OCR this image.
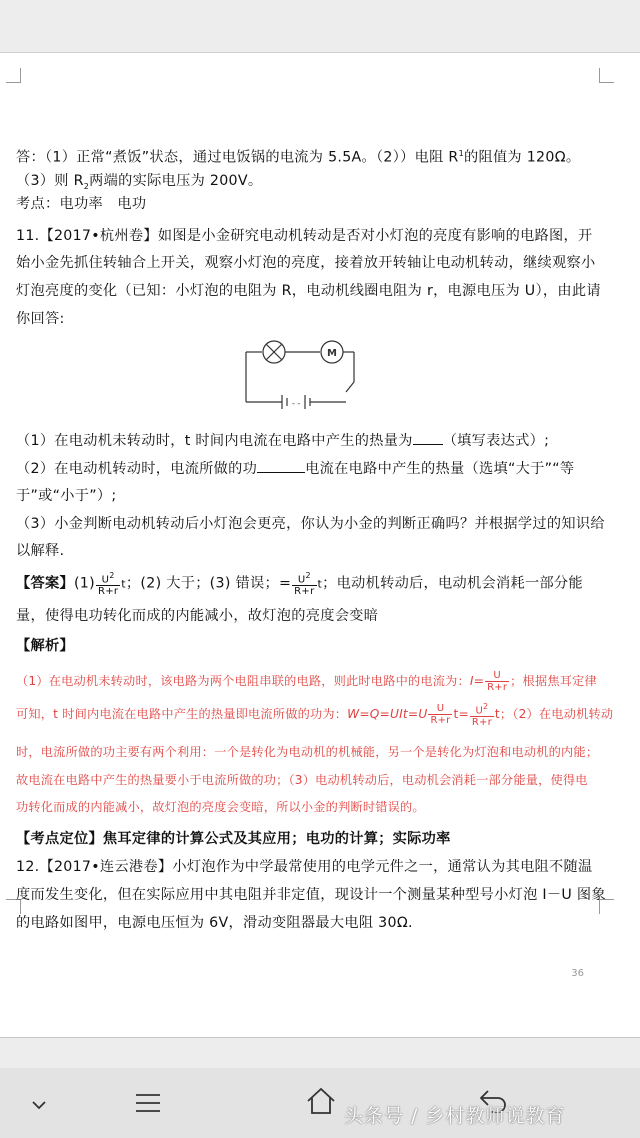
答：（1）正常“煮饭”状态，通过电饭锅的电流为 5.5A。（2））电阻 $R^1$的阻值为 120Ω。
（3）则 $R_2$两端的实际电压为 200V。
考点：电功率　电功
11.【2017•杭州卷】如图是小金研究电动机转动是否对小灯泡的亮度有影响的电路图，开
始小金先抓住转轴合上开关，观察小灯泡的亮度，接着放开转轴让电动机转动，继续观察小
灯泡亮度的变化（已知：小灯泡的电阻为 R，电动机线圈电阻为 r，电源电压为 U），由此请
你回答:
- -
M
（1）在电动机未转动时，t 时间内电流在电路中产生的热量为 （填写表达式）;
（2）在电动机转动时，电流所做的功	电流在电路中产生的热量（选填“大于”“等
于”或“小于”）;
（3）小金判断电动机转动后小灯泡会更亮，你认为小金的判断正确吗？并根据学过的知识给
以解释.
【答案】$(1) \frac{U^2}{R+r}$ t；(2) 大于；(3) 错误；= $\frac{U^2}{R+r}$ t；电动机转动后，电动机会消耗一部分能
量，使得电功转化而成的内能减小，故灯泡的亮度会变暗
【解析】
（1）在电动机未转动时，该电路为两个电阻串联的电路，则此时电路中的电流为：$I= \frac{U}{R+r}$ ；根据焦耳定律
可知，t 时间内电流在电路中产生的热量即电流所做的功为：$W=Q=UIt=U \frac{U}{R+r} t= \frac{U^2}{R+r}$ t；（2）在电动机转动
时，电流所做的功主要有两个利用：一个是转化为电动机的机械能，另一个是转化为灯泡和电动机的内能；
故电流在电路中产生的热量要小于电流所做的功；（3）电动机转动后，电动机会消耗一部分能量，使得电
功转化而成的内能减小，故灯泡的亮度会变暗，所以小金的判断时错误的。
【考点定位】焦耳定律的计算公式及其应用；电功的计算；实际功率
12.【2017•连云港卷】小灯泡作为中学最常使用的电学元件之一，通常认为其电阻不随温
度而发生变化，但在实际应用中其电阻并非定值，现设计一个测量某种型号小灯泡 I－U 图象
的电路如图甲，电源电压恒为 6V，滑动变阻器最大电阻 30Ω.
36
头条号 / 乡村教师说教育
